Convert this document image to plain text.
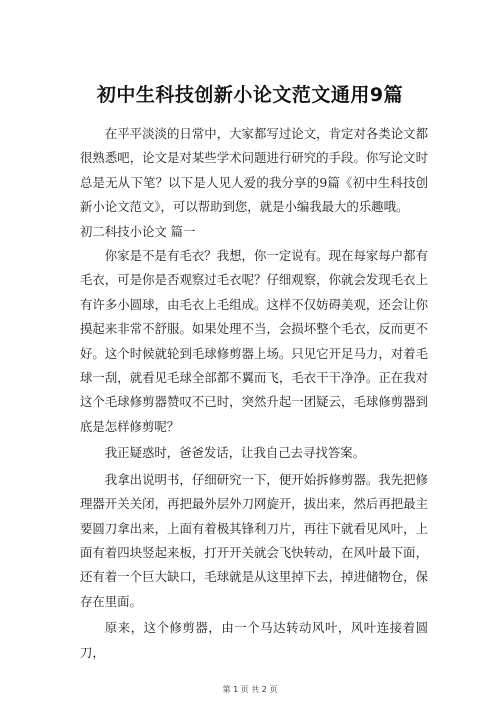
初中生科技创新小论文范文通用9篇

在平平淡淡的日常中，大家都写过论文，肯定对各类论文都很熟悉吧，论文是对某些学术问题进行研究的手段。你写论文时总是无从下笔？以下是人见人爱的我分享的9篇《初中生科技创新小论文范文》，可以帮助到您，就是小编我最大的乐趣哦。

初二科技小论文 篇一

你家是不是有毛衣？我想，你一定说有。现在每家每户都有毛衣，可是你是否观察过毛衣呢？仔细观察，你就会发现毛衣上有许多小圆球，由毛衣上毛组成。这样不仅妨碍美观，还会让你摸起来非常不舒服。如果处理不当，会损坏整个毛衣，反而更不好。这个时候就轮到毛球修剪器上场。只见它开足马力，对着毛球一刮，就看见毛球全部都不翼而飞，毛衣干干净净。正在我对这个毛球修剪器赞叹不已时，突然升起一团疑云，毛球修剪器到底是怎样修剪呢？

我正疑惑时，爸爸发话，让我自己去寻找答案。

我拿出说明书，仔细研究一下，便开始拆修剪器。我先把修理器开关关闭，再把最外层外刀网旋开，拔出来，然后再把最主要圆刀拿出来，上面有着极其锋利刀片，再往下就看见风叶，上面有着四块竖起来板，打开开关就会飞快转动，在风叶最下面，还有着一个巨大缺口，毛球就是从这里掉下去，掉进储物仓，保存在里面。

原来，这个修剪器，由一个马达转动风叶，风叶连接着圆刀，

第 1 页 共 2 页
